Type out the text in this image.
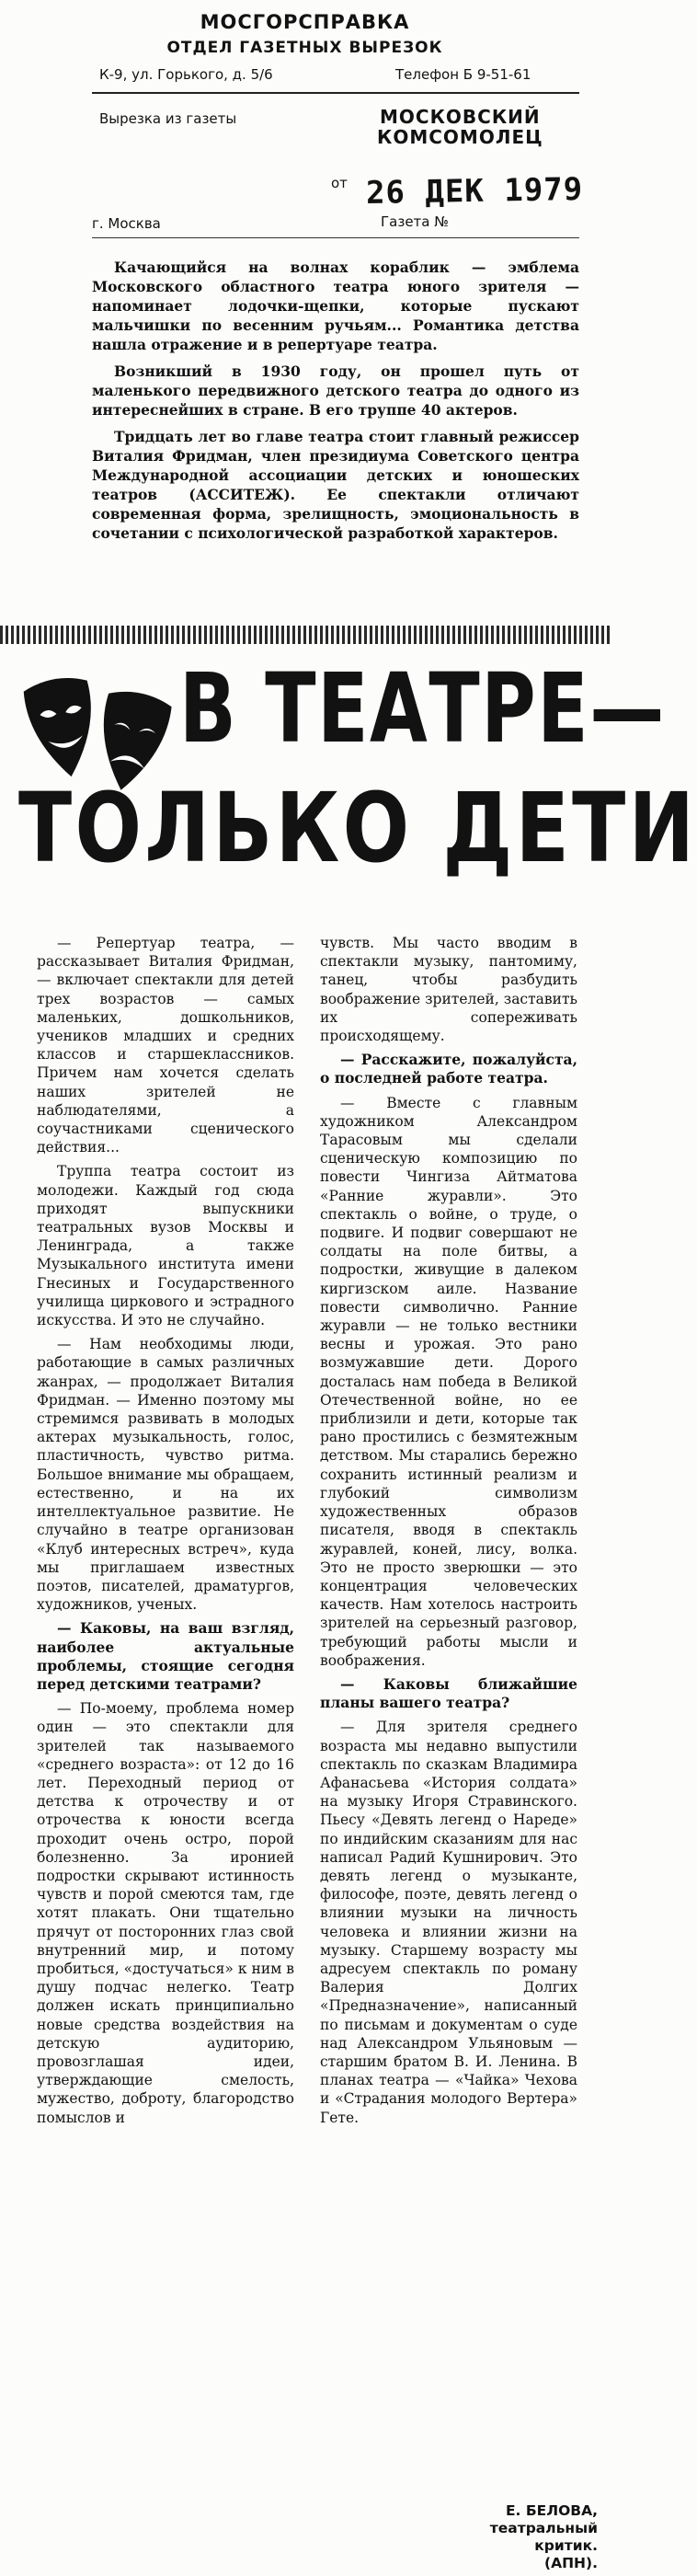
МОСГОРСПРАВКА
ОТДЕЛ ГАЗЕТНЫХ ВЫРЕЗОК
К-9, ул. Горького, д. 5/6	Телефон Б 9-51-61
Вырезка из газеты	МОСКОВСКИЙ
КОМСОМОЛЕЦ
от 26 ДЕК 1979
г. Москва	Газета №

Качающийся на волнах кораблик — эмблема Московского областного театра юного зрителя — напоминает лодочки-щепки, которые пускают мальчишки по весенним ручьям... Романтика детства нашла отражение и в репертуаре театра.

Возникший в 1930 году, он прошел путь от маленького передвижного детского театра до одного из интереснейших в стране. В его труппе 40 актеров.

Тридцать лет во главе театра стоит главный режиссер Виталия Фридман, член президиума Советского центра Международной ассоциации детских и юношеских театров (АССИТЕЖ). Ее спектакли отличают современная форма, зрелищность, эмоциональность в сочетании с психологической разработкой характеров.

В ТЕАТРЕ—
ТОЛЬКО ДЕТИ

— Репертуар театра, — рассказывает Виталия Фридман, — включает спектакли для детей трех возрастов — самых маленьких, дошкольников, учеников младших и средних классов и старшеклассников. Причем нам хочется сделать наших зрителей не наблюдателями, а соучастниками сценического действия...

Труппа театра состоит из молодежи. Каждый год сюда приходят выпускники театральных вузов Москвы и Ленинграда, а также Музыкального института имени Гнесиных и Государственного училища циркового и эстрадного искусства. И это не случайно.

— Нам необходимы люди, работающие в самых различных жанрах, — продолжает Виталия Фридман. — Именно поэтому мы стремимся развивать в молодых актерах музыкальность, голос, пластичность, чувство ритма. Большое внимание мы обращаем, естественно, и на их интеллектуальное развитие. Не случайно в театре организован «Клуб интересных встреч», куда мы приглашаем известных поэтов, писателей, драматургов, художников, ученых.

— Каковы, на ваш взгляд, наиболее актуальные проблемы, стоящие сегодня перед детскими театрами?

— По-моему, проблема номер один — это спектакли для зрителей так называемого «среднего возраста»: от 12 до 16 лет. Переходный период от детства к отрочеству и от отрочества к юности всегда проходит очень остро, порой болезненно. За иронией подростки скрывают истинность чувств и порой смеются там, где хотят плакать. Они тщательно прячут от посторонних глаз свой внутренний мир, и потому пробиться, «достучаться» к ним в душу подчас нелегко. Театр должен искать принципиально новые средства воздействия на детскую аудиторию, провозглашая идеи, утверждающие смелость, мужество, доброту, благородство помыслов и

чувств. Мы часто вводим в спектакли музыку, пантомиму, танец, чтобы разбудить воображение зрителей, заставить их сопереживать происходящему.

— Расскажите, пожалуйста, о последней работе театра.

— Вместе с главным художником Александром Тарасовым мы сделали сценическую композицию по повести Чингиза Айтматова «Ранние журавли». Это спектакль о войне, о труде, о подвиге. И подвиг совершают не солдаты на поле битвы, а подростки, живущие в далеком киргизском аиле. Название повести символично. Ранние журавли — не только вестники весны и урожая. Это рано возмужавшие дети. Дорого досталась нам победа в Великой Отечественной войне, но ее приблизили и дети, которые так рано простились с безмятежным детством. Мы старались бережно сохранить истинный реализм и глубокий символизм художественных образов писателя, вводя в спектакль журавлей, коней, лису, волка. Это не просто зверюшки — это концентрация человеческих качеств. Нам хотелось настроить зрителей на серьезный разговор, требующий работы мысли и воображения.

— Каковы ближайшие планы вашего театра?

— Для зрителя среднего возраста мы недавно выпустили спектакль по сказкам Владимира Афанасьева «История солдата» на музыку Игоря Стравинского. Пьесу «Девять легенд о Нареде» по индийским сказаниям для нас написал Радий Кушнирович. Это девять легенд о музыканте, философе, поэте, девять легенд о влиянии музыки на личность человека и влиянии жизни на музыку. Старшему возрасту мы адресуем спектакль по роману Валерия Долгих «Предназначение», написанный по письмам и документам о суде над Александром Ульяновым — старшим братом В. И. Ленина. В планах театра — «Чайка» Чехова и «Страдания молодого Вертера» Гете.

Е. БЕЛОВА,
театральный критик.
(АПН).
